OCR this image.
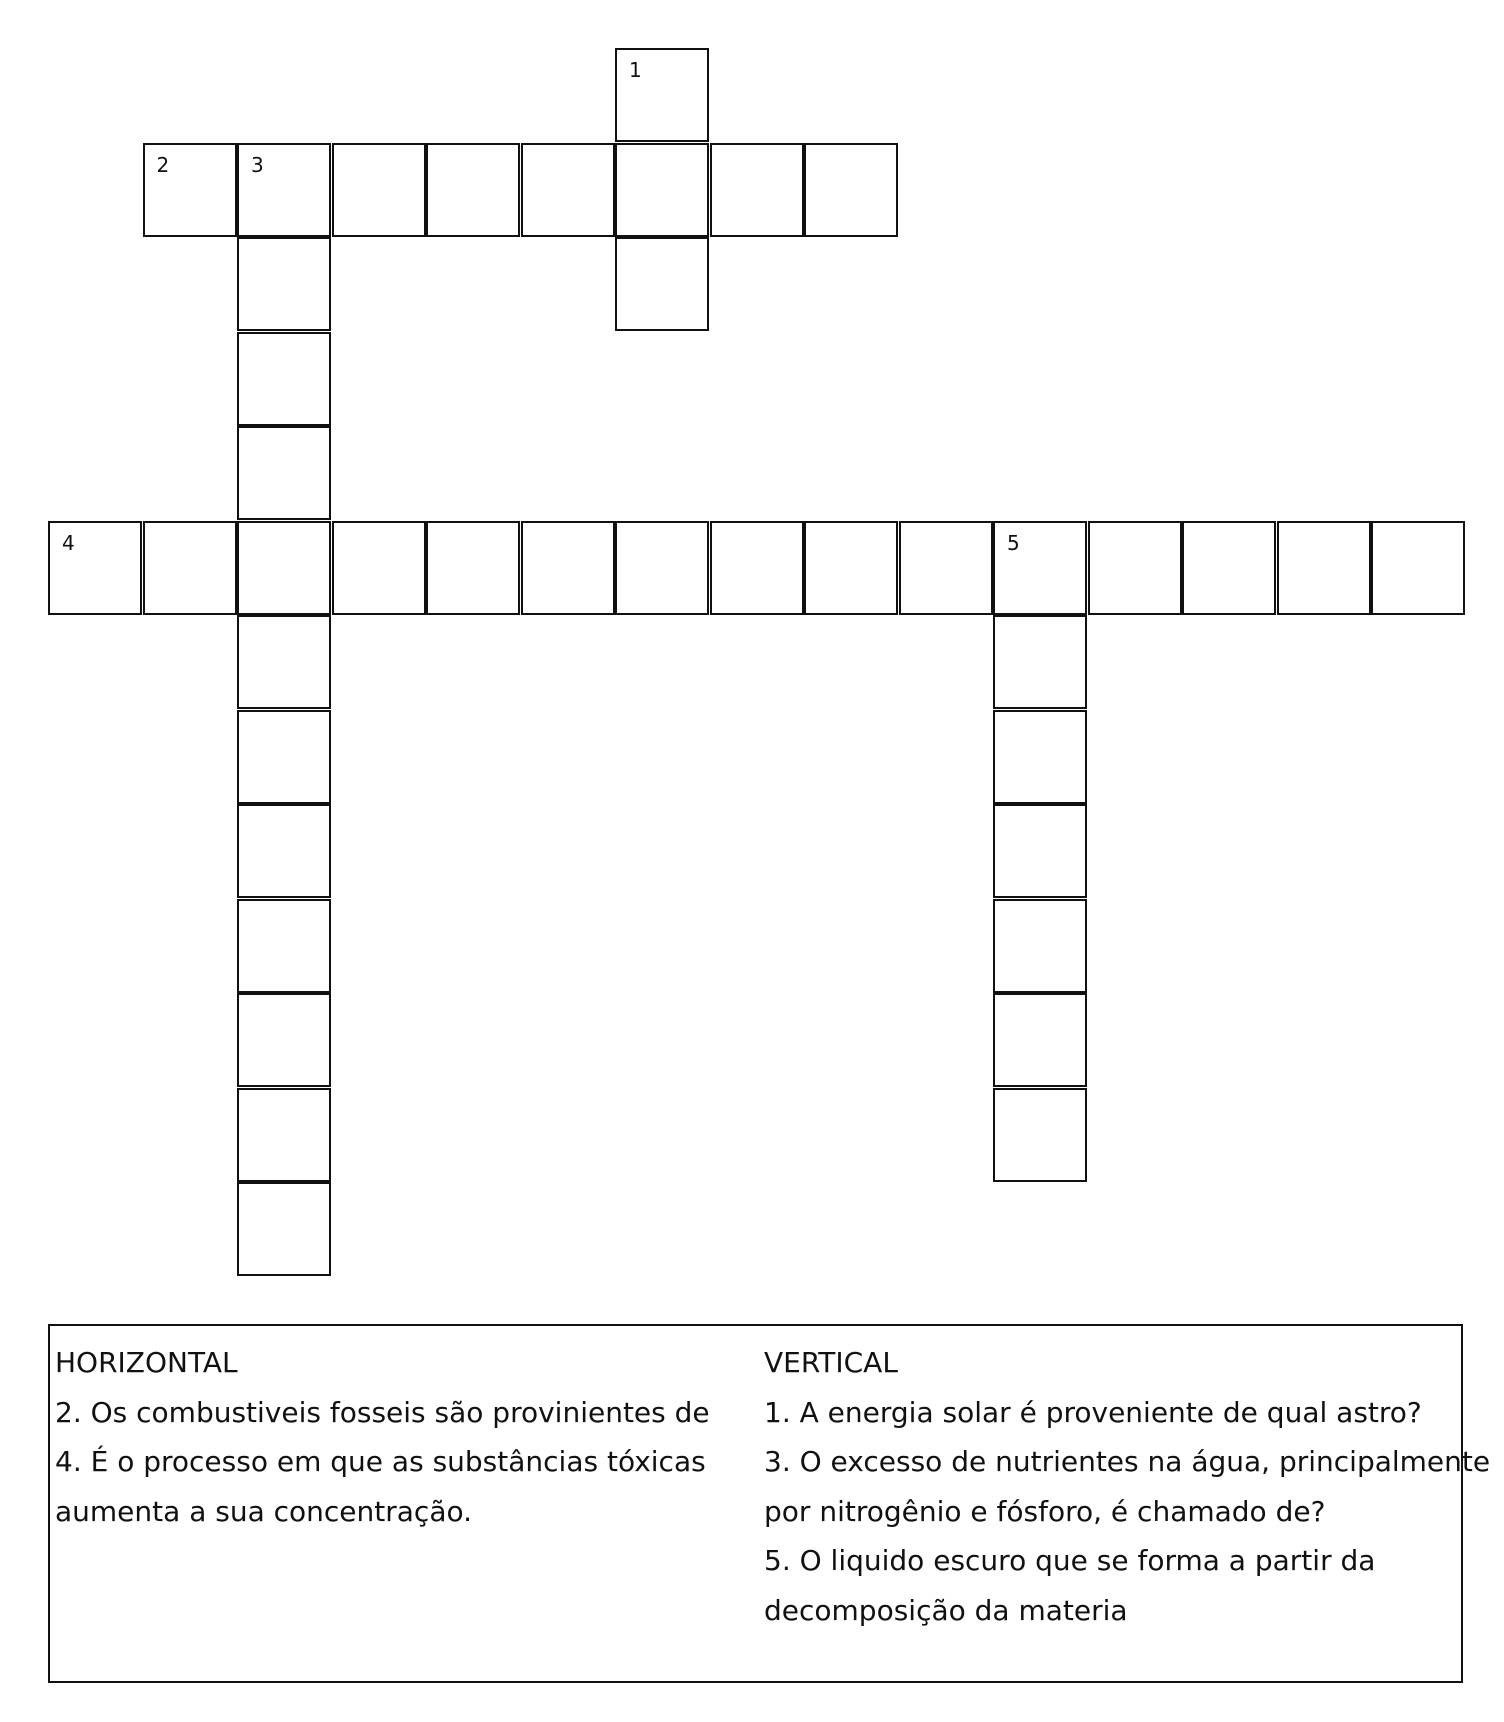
1
2	3
4	5
HORIZONTAL
2. Os combustiveis fosseis são provinientes de
4. É o processo em que as substâncias tóxicas
aumenta a sua concentração.
VERTICAL
1. A energia solar é proveniente de qual astro?
3. O excesso de nutrientes na água, principalmente
por nitrogênio e fósforo, é chamado de?
5. O liquido escuro que se forma a partir da
decomposição da materia
